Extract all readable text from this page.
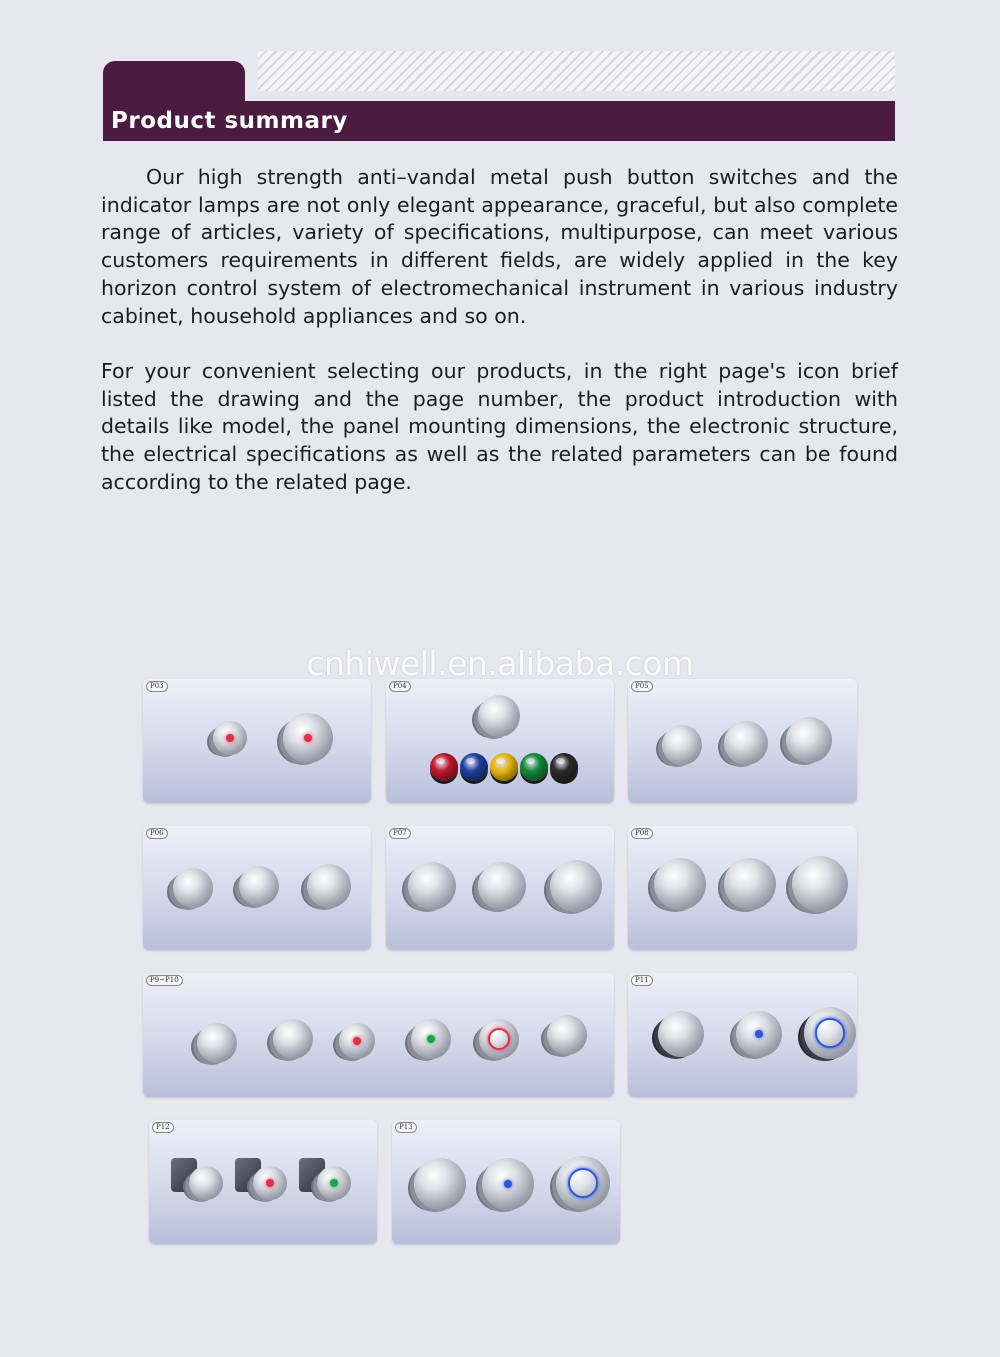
Product summary

Our high strength anti–vandal metal push button switches and the indicator lamps are not only elegant appearance, graceful, but also complete range of articles, variety of specifications, multipurpose, can meet various customers requirements in different fields, are widely applied in the key horizon control system of electromechanical instrument in various industry cabinet, household appliances and so on.

For your convenient selecting our products, in the right page's icon brief listed the drawing and the page number, the product introduction with details like model, the panel mounting dimensions, the electronic structure, the electrical specifications as well as the related parameters can be found according to the related page.

cnhiwell.en.alibaba.com
P03	P04	P05
P06	P07	P08
P9~P10	P11
P12	P13
